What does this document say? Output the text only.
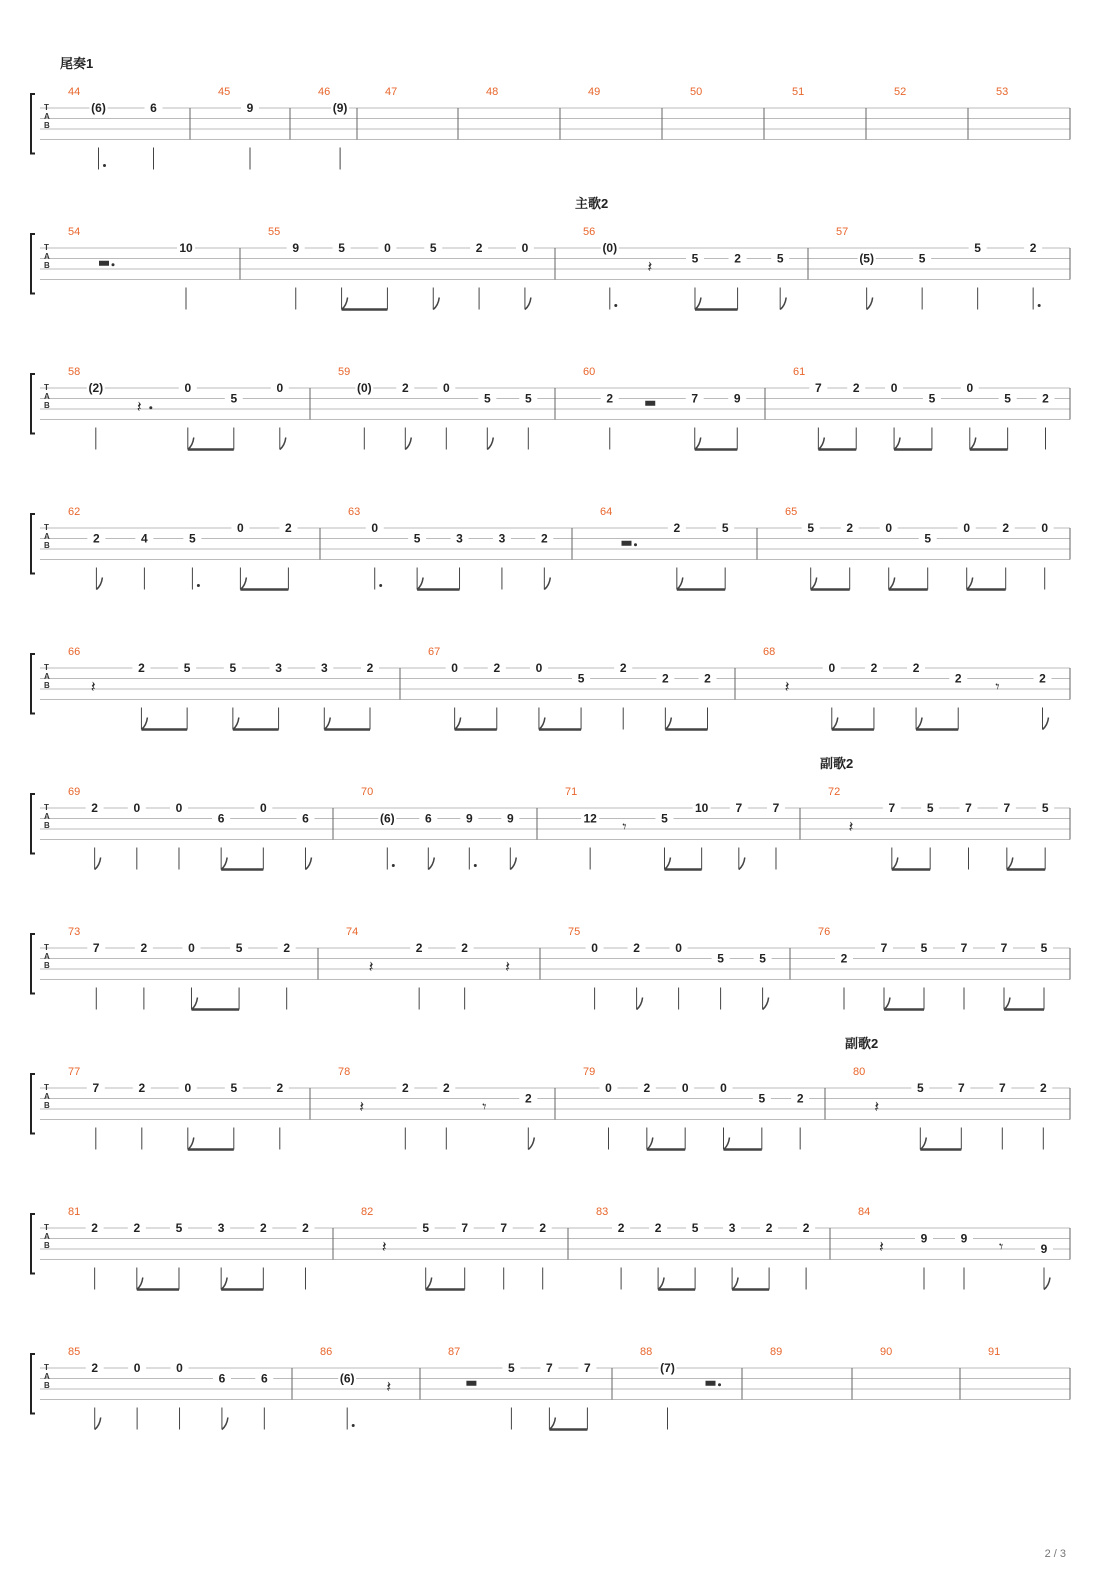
T
A
B
44
(6)	6
45
9
46
(9)
47	48	49	50	51	52	53
尾奏1
T
A
B
54
10
55
9	5	0	5	2	0
56
(0)
𝄽
5	2	5
57
(5)	5
5	2
主歌2
T
A
B
58
(2)
𝄽
0
5
0
59
(0)	2	0
5	5
60
2	7	9
61
7	2	0
5
0
5	2
T
A
B
62
2	4	5
0	2
63
0
5	3	3	2
64
2	5
65
5	2	0
5
0	2	0
T
A
B
66
𝄽
2	5	5	3	3	2
67
0	2	0
5
2
2	2
68
𝄽
0	2	2
2
𝄾
2
T
A
B
69
2	0	0
6
0
6
70
(6)	6	9	9
71
12
𝄾
5
10 7	7
72
𝄽
7	5	7	7	5
副歌2
T
A
B
73
7	2	0	5	2
74
𝄽
2	2
𝄽
75
0	2	0
5	5
76
2
7	5	7	7	5
T
A
B
77
7	2	0	5	2
78
𝄽
2	2
𝄾
2
79
0	2	0	0
5	2
80
𝄽
5	7	7	2
副歌2
T
A
B
81
2	2	5	3	2	2
82
𝄽
5	7	7	2
83
2	2	5	3	2	2
84
𝄽
9	9
𝄾	9
T
A
B
85
2	0	0
6	6
86
(6)
𝄽
87
5	7	7
88
(7)
89	90	91
2 / 3
